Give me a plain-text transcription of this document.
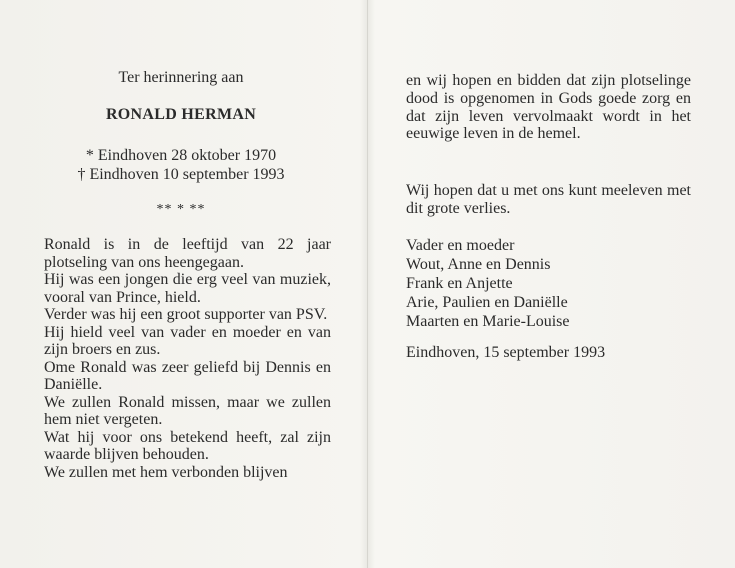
Ter herinnering aan
RONALD HERMAN
* Eindhoven 28 oktober 1970
† Eindhoven 10 september 1993
** * **

Ronald is in de leeftijd van 22 jaar plotseling van ons heengegaan.

Hij was een jongen die erg veel van muziek, vooral van Prince, hield.

Verder was hij een groot supporter van PSV.

Hij hield veel van vader en moeder en van zijn broers en zus.

Ome Ronald was zeer geliefd bij Dennis en Daniëlle.

We zullen Ronald missen, maar we zullen hem niet vergeten.

Wat hij voor ons betekend heeft, zal zijn waarde blijven behouden.

We zullen met hem verbonden blijven

en wij hopen en bidden dat zijn plotselinge dood is opgenomen in Gods goede zorg en dat zijn leven vervolmaakt wordt in het eeuwige leven in de hemel.

Wij hopen dat u met ons kunt meeleven met dit grote verlies.

Vader en moeder
Wout, Anne en Dennis
Frank en Anjette
Arie, Paulien en Daniëlle
Maarten en Marie-Louise
Eindhoven, 15 september 1993
